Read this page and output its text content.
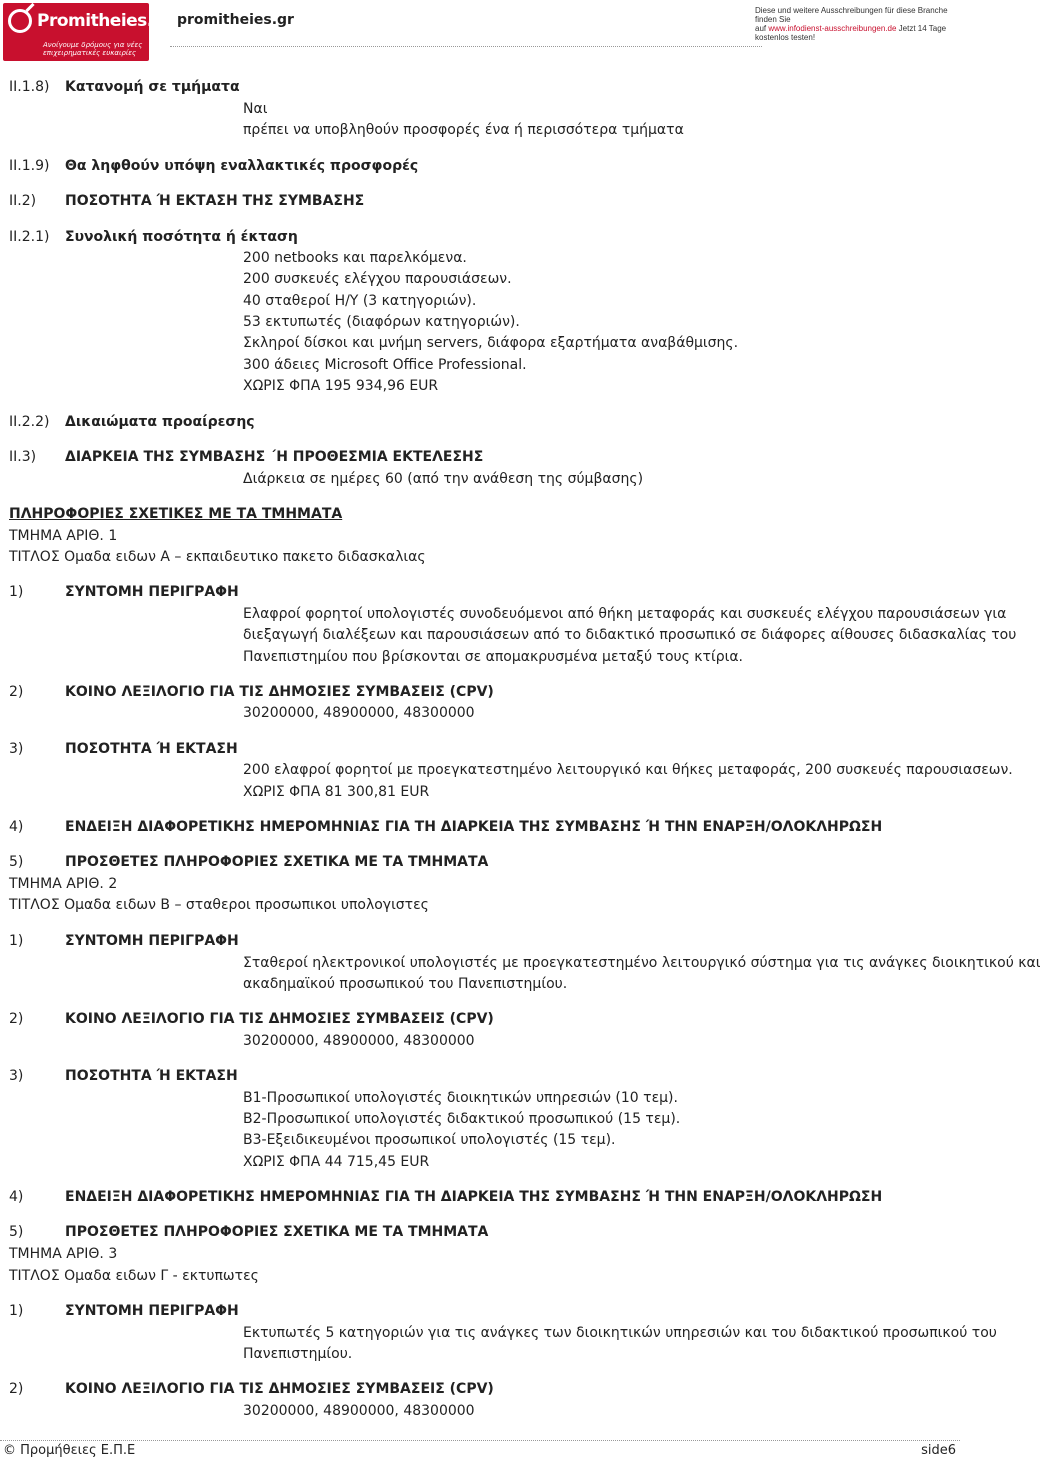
Promitheies.gr
Ανοίγουμε δρόμους για νέες επιχειρηματικές ευκαιρίες
promitheies.gr
Diese und weitere Ausschreibungen für diese Branche finden Sie
auf www.infodienst-ausschreibungen.de Jetzt 14 Tage
kostenlos testen!
II.1.8) Κατανομή σε τμήματα
Ναι
πρέπει να υποβληθούν προσφορές ένα ή περισσότερα τμήματα
II.1.9) Θα ληφθούν υπόψη εναλλακτικές προσφορές
II.2) ΠΟΣΟΤΗΤΑ Ή ΕΚΤΑΣΗ ΤΗΣ ΣΥΜΒΑΣΗΣ
II.2.1) Συνολική ποσότητα ή έκταση
200 netbooks και παρελκόμενα.
200 συσκευές ελέγχου παρουσιάσεων.
40 σταθεροί Η/Υ (3 κατηγοριών).
53 εκτυπωτές (διαφόρων κατηγοριών).
Σκληροί δίσκοι και μνήμη servers, διάφορα εξαρτήματα αναβάθμισης.
300 άδειες Microsoft Office Professional.
ΧΩΡΙΣ ΦΠΑ 195 934,96 EUR
II.2.2) Δικαιώματα προαίρεσης
II.3) ΔΙΑΡΚΕΙΑ ΤΗΣ ΣΥΜΒΑΣΗΣ ΄Η ΠΡΟΘΕΣΜΙΑ ΕΚΤΕΛΕΣΗΣ
Διάρκεια σε ημέρες 60 (από την ανάθεση της σύμβασης)
ΠΛΗΡΟΦΟΡΙΕΣ ΣΧΕΤΙΚΕΣ ΜΕ ΤΑ ΤΜΗΜΑΤΑ
ΤΜΗΜΑ ΑΡΙΘ. 1
ΤΙΤΛΟΣ Ομαδα ειδων Α – εκπαιδευτικο πακετο διδασκαλιας
1)	ΣΥΝΤΟΜΗ ΠΕΡΙΓΡΑΦΗ
Ελαφροί φορητοί υπολογιστές συνοδευόμενοι από θήκη μεταφοράς και συσκευές ελέγχου παρουσιάσεων για
διεξαγωγή διαλέξεων και παρουσιάσεων από το διδακτικό προσωπικό σε διάφορες αίθουσες διδασκαλίας του
Πανεπιστημίου που βρίσκονται σε απομακρυσμένα μεταξύ τους κτίρια.
2)	ΚΟΙΝΟ ΛΕΞΙΛΟΓΙΟ ΓΙΑ ΤΙΣ ΔΗΜΟΣΙΕΣ ΣΥΜΒΑΣΕΙΣ (CPV)
30200000, 48900000, 48300000
3)	ΠΟΣΟΤΗΤΑ Ή ΕΚΤΑΣΗ
200 ελαφροί φορητοί με προεγκατεστημένο λειτουργικό και θήκες μεταφοράς, 200 συσκευές παρουσιασεων.
ΧΩΡΙΣ ΦΠΑ 81 300,81 EUR
4)	ΕΝΔΕΙΞΗ ΔΙΑΦΟΡΕΤΙΚΗΣ ΗΜΕΡΟΜΗΝΙΑΣ ΓΙΑ ΤΗ ΔΙΑΡΚΕΙΑ ΤΗΣ ΣΥΜΒΑΣΗΣ Ή ΤΗΝ ΕΝΑΡΞΗ/ΟΛΟΚΛΗΡΩΣΗ
5)	ΠΡΟΣΘΕΤΕΣ ΠΛΗΡΟΦΟΡΙΕΣ ΣΧΕΤΙΚΑ ΜΕ ΤΑ ΤΜΗΜΑΤΑ
ΤΜΗΜΑ ΑΡΙΘ. 2
ΤΙΤΛΟΣ Ομαδα ειδων Β – σταθεροι προσωπικοι υπολογιστες
1)	ΣΥΝΤΟΜΗ ΠΕΡΙΓΡΑΦΗ
Σταθεροί ηλεκτρονικοί υπολογιστές με προεγκατεστημένο λειτουργικό σύστημα για τις ανάγκες διοικητικού και
ακαδημαϊκού προσωπικού του Πανεπιστημίου.
2)	ΚΟΙΝΟ ΛΕΞΙΛΟΓΙΟ ΓΙΑ ΤΙΣ ΔΗΜΟΣΙΕΣ ΣΥΜΒΑΣΕΙΣ (CPV)
30200000, 48900000, 48300000
3)	ΠΟΣΟΤΗΤΑ Ή ΕΚΤΑΣΗ
Β1-Προσωπικοί υπολογιστές διοικητικών υπηρεσιών (10 τεμ).
Β2-Προσωπικοί υπολογιστές διδακτικού προσωπικού (15 τεμ).
Β3-Εξειδικευμένοι προσωπικοί υπολογιστές (15 τεμ).
ΧΩΡΙΣ ΦΠΑ 44 715,45 EUR
4)	ΕΝΔΕΙΞΗ ΔΙΑΦΟΡΕΤΙΚΗΣ ΗΜΕΡΟΜΗΝΙΑΣ ΓΙΑ ΤΗ ΔΙΑΡΚΕΙΑ ΤΗΣ ΣΥΜΒΑΣΗΣ Ή ΤΗΝ ΕΝΑΡΞΗ/ΟΛΟΚΛΗΡΩΣΗ
5)	ΠΡΟΣΘΕΤΕΣ ΠΛΗΡΟΦΟΡΙΕΣ ΣΧΕΤΙΚΑ ΜΕ ΤΑ ΤΜΗΜΑΤΑ
ΤΜΗΜΑ ΑΡΙΘ. 3
ΤΙΤΛΟΣ Ομαδα ειδων Γ - εκτυπωτες
1)	ΣΥΝΤΟΜΗ ΠΕΡΙΓΡΑΦΗ
Εκτυπωτές 5 κατηγοριών για τις ανάγκες των διοικητικών υπηρεσιών και του διδακτικού προσωπικού του
Πανεπιστημίου.
2)	ΚΟΙΝΟ ΛΕΞΙΛΟΓΙΟ ΓΙΑ ΤΙΣ ΔΗΜΟΣΙΕΣ ΣΥΜΒΑΣΕΙΣ (CPV)
30200000, 48900000, 48300000
© Προμήθειες Ε.Π.Ε	side6
